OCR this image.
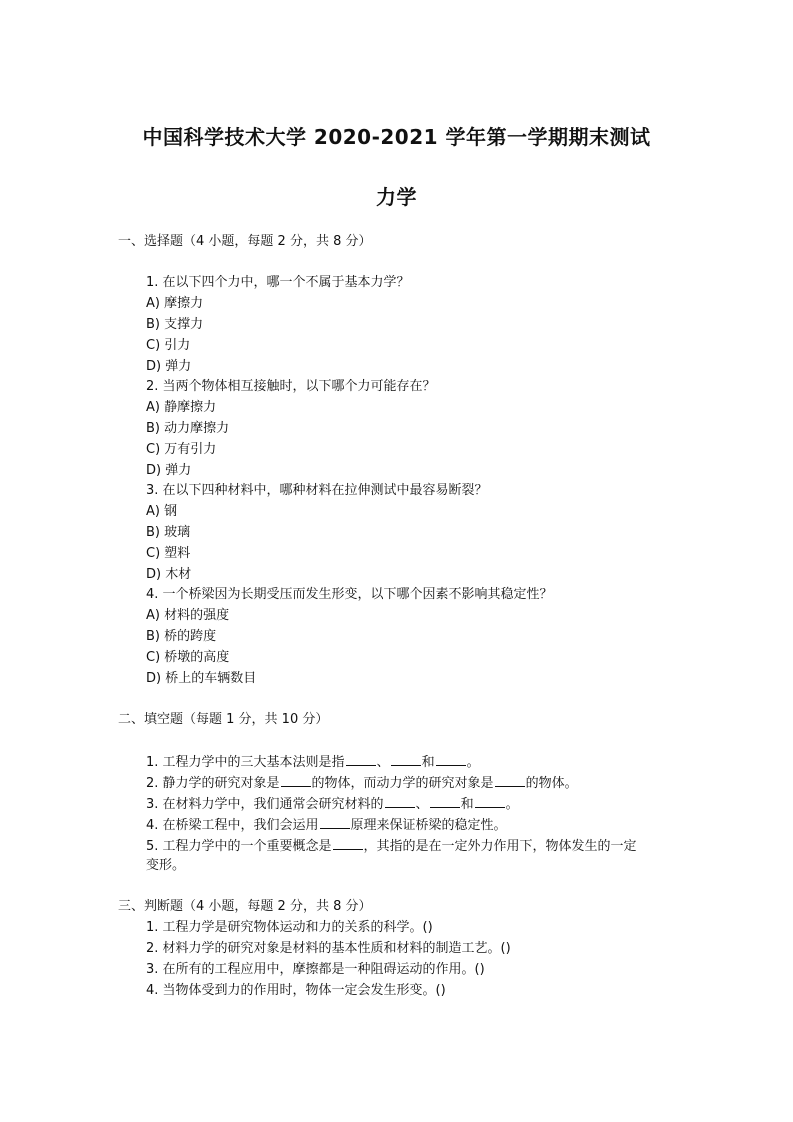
中国科学技术大学 2020-2021 学年第一学期期末测试
力学
一、选择题（4 小题，每题 2 分，共 8 分）
1. 在以下四个力中，哪一个不属于基本力学？
A) 摩擦力
B) 支撑力
C) 引力
D) 弹力
2. 当两个物体相互接触时，以下哪个力可能存在？
A) 静摩擦力
B) 动力摩擦力
C) 万有引力
D) 弹力
3. 在以下四种材料中，哪种材料在拉伸测试中最容易断裂？
A) 钢
B) 玻璃
C) 塑料
D) 木材
4. 一个桥梁因为长期受压而发生形变，以下哪个因素不影响其稳定性？
A) 材料的强度
B) 桥的跨度
C) 桥墩的高度
D) 桥上的车辆数目
二、填空题（每题 1 分，共 10 分）
1. 工程力学中的三大基本法则是指 、 和 。
2. 静力学的研究对象是 的物体，而动力学的研究对象是 的物体。
3. 在材料力学中，我们通常会研究材料的 、 和 。
4. 在桥梁工程中，我们会运用 原理来保证桥梁的稳定性。
5. 工程力学中的一个重要概念是 ，其指的是在一定外力作用下，物体发生的一定
变形。
三、判断题（4 小题，每题 2 分，共 8 分）
1. 工程力学是研究物体运动和力的关系的科学。()
2. 材料力学的研究对象是材料的基本性质和材料的制造工艺。()
3. 在所有的工程应用中，摩擦都是一种阻碍运动的作用。()
4. 当物体受到力的作用时，物体一定会发生形变。()
